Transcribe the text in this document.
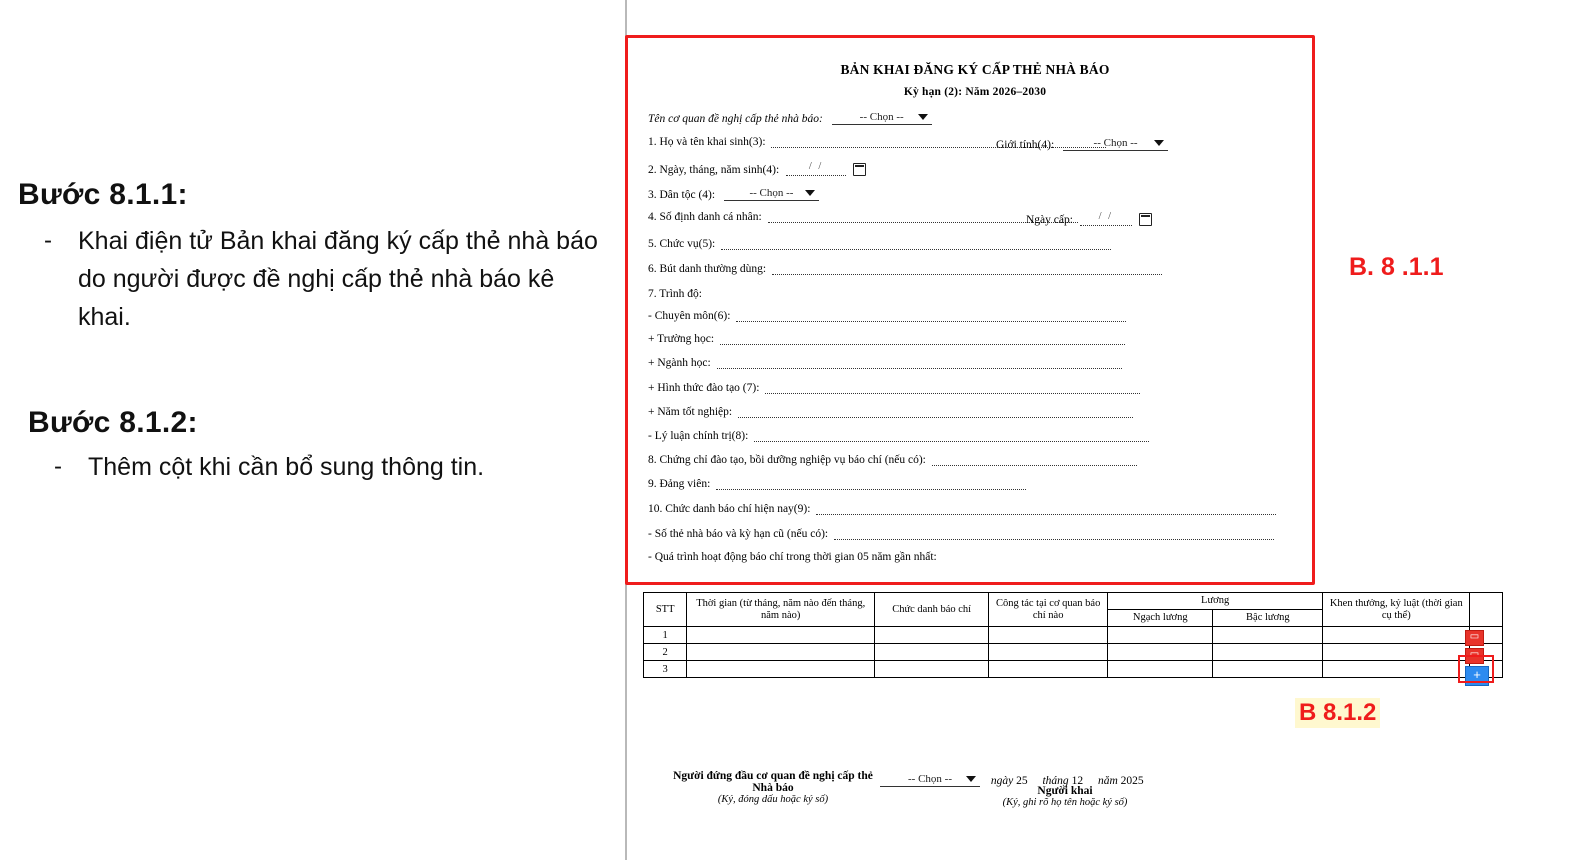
Bước 8.1.1:
-	Khai điện tử Bản khai đăng ký cấp thẻ nhà báo do người được đề nghị cấp thẻ nhà báo kê khai.
Bước 8.1.2:
-	Thêm cột khi cần bổ sung thông tin.
BẢN KHAI ĐĂNG KÝ CẤP THẺ NHÀ BÁO
Kỳ hạn (2): Năm 2026–2030
Tên cơ quan đề nghị cấp thẻ nhà báo:	-- Chọn --
1. Họ và tên khai sinh(3):	Giới tính(4):	-- Chọn --
2. Ngày, tháng, năm sinh(4):	/ /
3. Dân tộc (4):	-- Chọn --
4. Số định danh cá nhân:	Ngày cấp: / /
5. Chức vụ(5):
6. Bút danh thường dùng:
7. Trình độ:
- Chuyên môn(6):
+ Trường học:
+ Ngành học:
+ Hình thức đào tạo (7):
+ Năm tốt nghiệp:
- Lý luận chính trị(8):
8. Chứng chỉ đào tạo, bồi dưỡng nghiệp vụ báo chí (nếu có):
9. Đảng viên:
10. Chức danh báo chí hiện nay(9):
- Số thẻ nhà báo và kỳ hạn cũ (nếu có):
- Quá trình hoạt động báo chí trong thời gian 05 năm gần nhất:
STT	Thời gian (từ tháng, năm nào đến tháng, năm nào)	Chức danh báo chí	Công tác tại cơ quan báo chí nào	Lương		Khen thưởng, kỷ luật (thời gian cụ thể)	
				Ngạch lương	Bậc lương		
1							
2							
3							
▭
▭
+
Người đứng đầu cơ quan đề nghị cấp thẻ
Nhà báo
(Ký, đóng dấu hoặc ký số)
-- Chọn --	ngày 25 tháng 12 năm 2025
Người khai
(Ký, ghi rõ họ tên hoặc ký số)
B. 8 .1.1
B 8.1.2
